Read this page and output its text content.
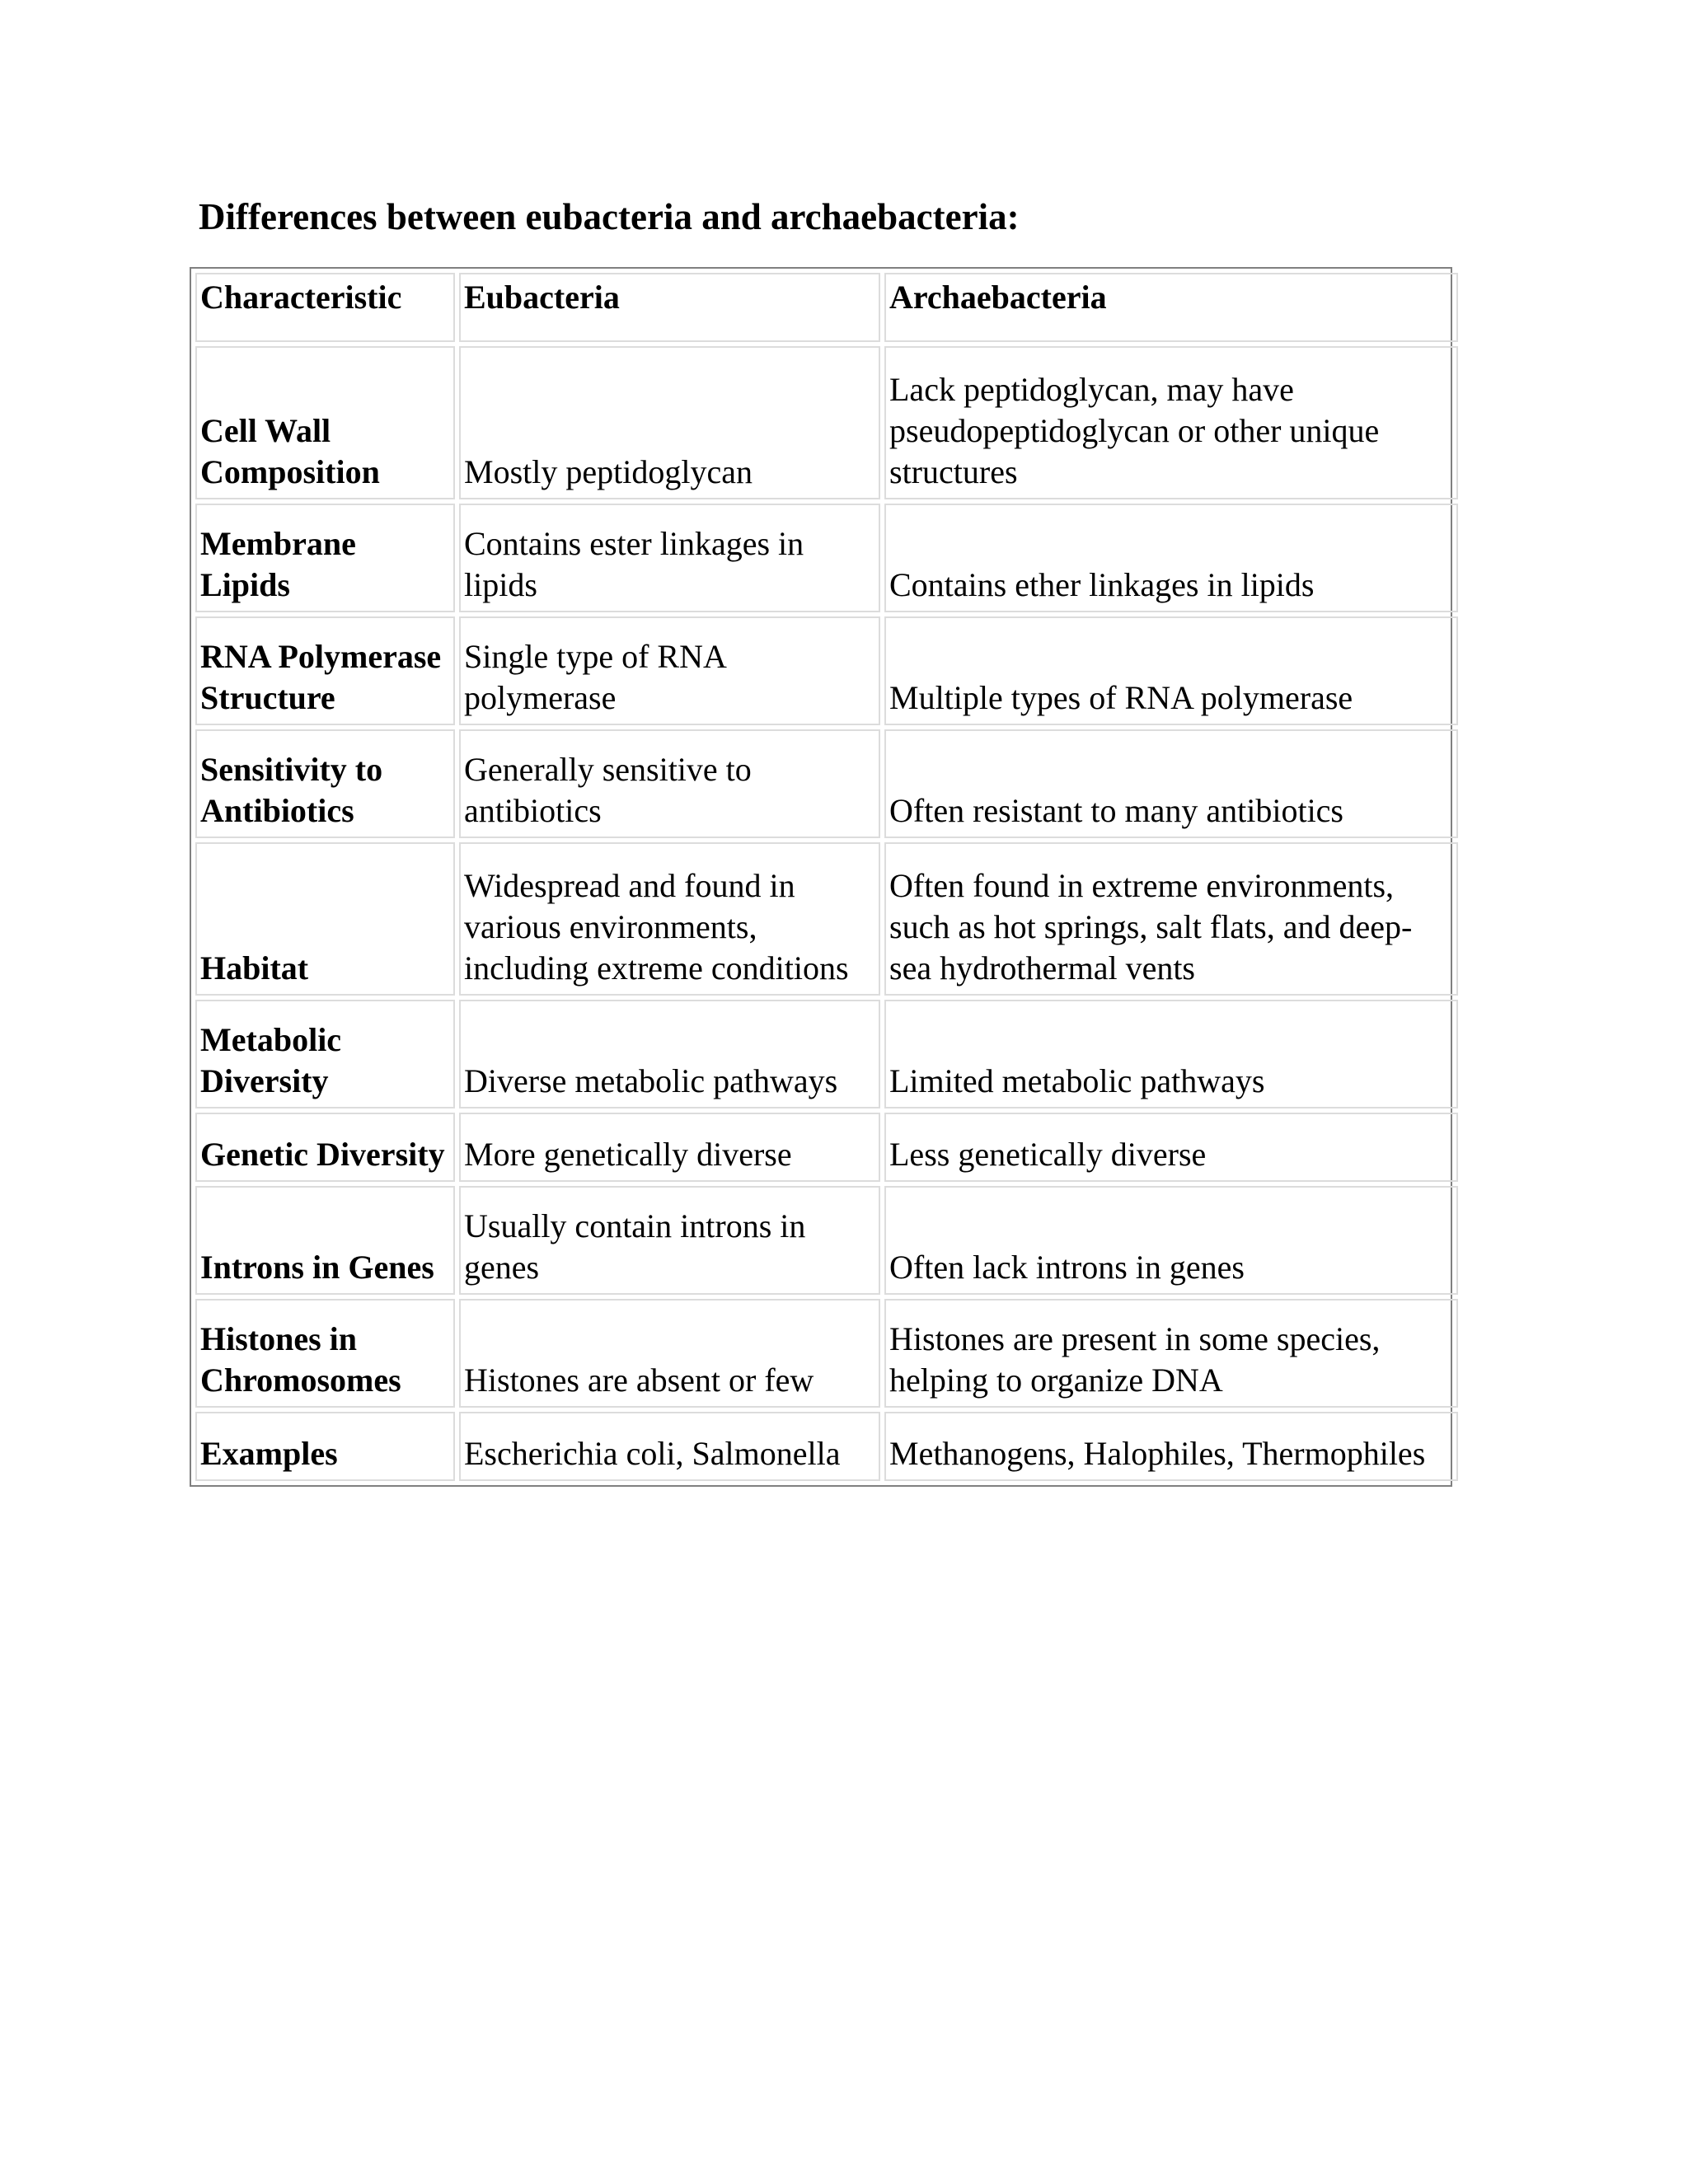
Differences between eubacteria and archaebacteria:
Characteristic	Eubacteria	Archaebacteria
Cell Wall Composition	Mostly peptidoglycan	Lack peptidoglycan, may have pseudopeptidoglycan or other unique structures
Membrane Lipids	Contains ester linkages in lipids	Contains ether linkages in lipids
RNA Polymerase Structure	Single type of RNA polymerase	Multiple types of RNA polymerase
Sensitivity to Antibiotics	Generally sensitive to antibiotics	Often resistant to many antibiotics
Habitat	Widespread and found in various environments, including extreme conditions	Often found in extreme environments, such as hot springs, salt flats, and deep-sea hydrothermal vents
Metabolic Diversity	Diverse metabolic pathways	Limited metabolic pathways
Genetic Diversity	More genetically diverse	Less genetically diverse
Introns in Genes	Usually contain introns in genes	Often lack introns in genes
Histones in Chromosomes	Histones are absent or few	Histones are present in some species, helping to organize DNA
Examples	Escherichia coli, Salmonella	Methanogens, Halophiles, Thermophiles
